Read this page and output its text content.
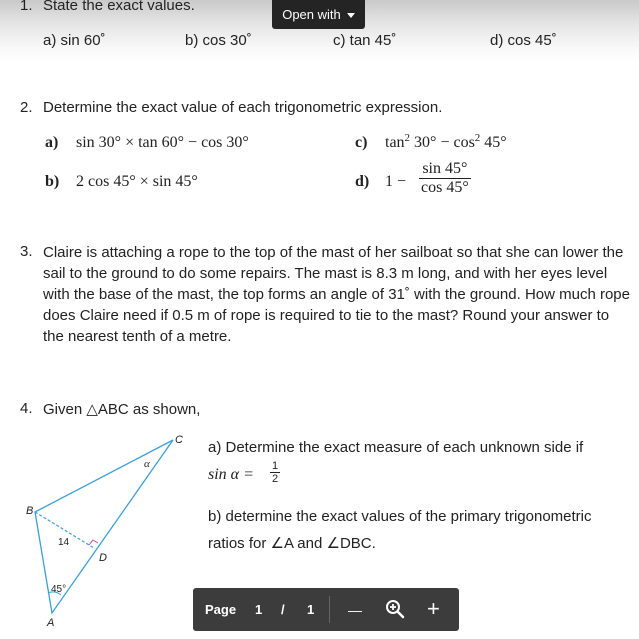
1. State the exact values.
Open with
a) sin 60˚	b) cos 30˚	c) tan 45˚	d) cos 45˚
2. Determine the exact value of each trigonometric expression.
a) sin 30° × tan 60° − cos 30°
b) 2 cos 45° × sin 45°
c) $\tan^2 30^\circ - \cos^2 45^\circ$
d) $1 - \frac{\sin 45^\circ}{\cos 45^\circ}$
3. Claire is attaching a rope to the top of the mast of her sailboat so that she can lower the sail to the ground to do some repairs. The mast is 8.3 m long, and with her eyes level with the base of the mast, the top forms an angle of 31˚ with the ground. How much rope does Claire need if 0.5 m of rope is required to tie to the mast? Round your answer to the nearest tenth of a metre.
4. Given △ABC as shown,
a) Determine the exact measure of each unknown side if
$\sin \alpha = \frac{1}{2}$
b) determine the exact values of the primary trigonometric
ratios for ∠A and ∠DBC.
C
B
A
D
14
45°
α
Page 1 / 1 —	+
